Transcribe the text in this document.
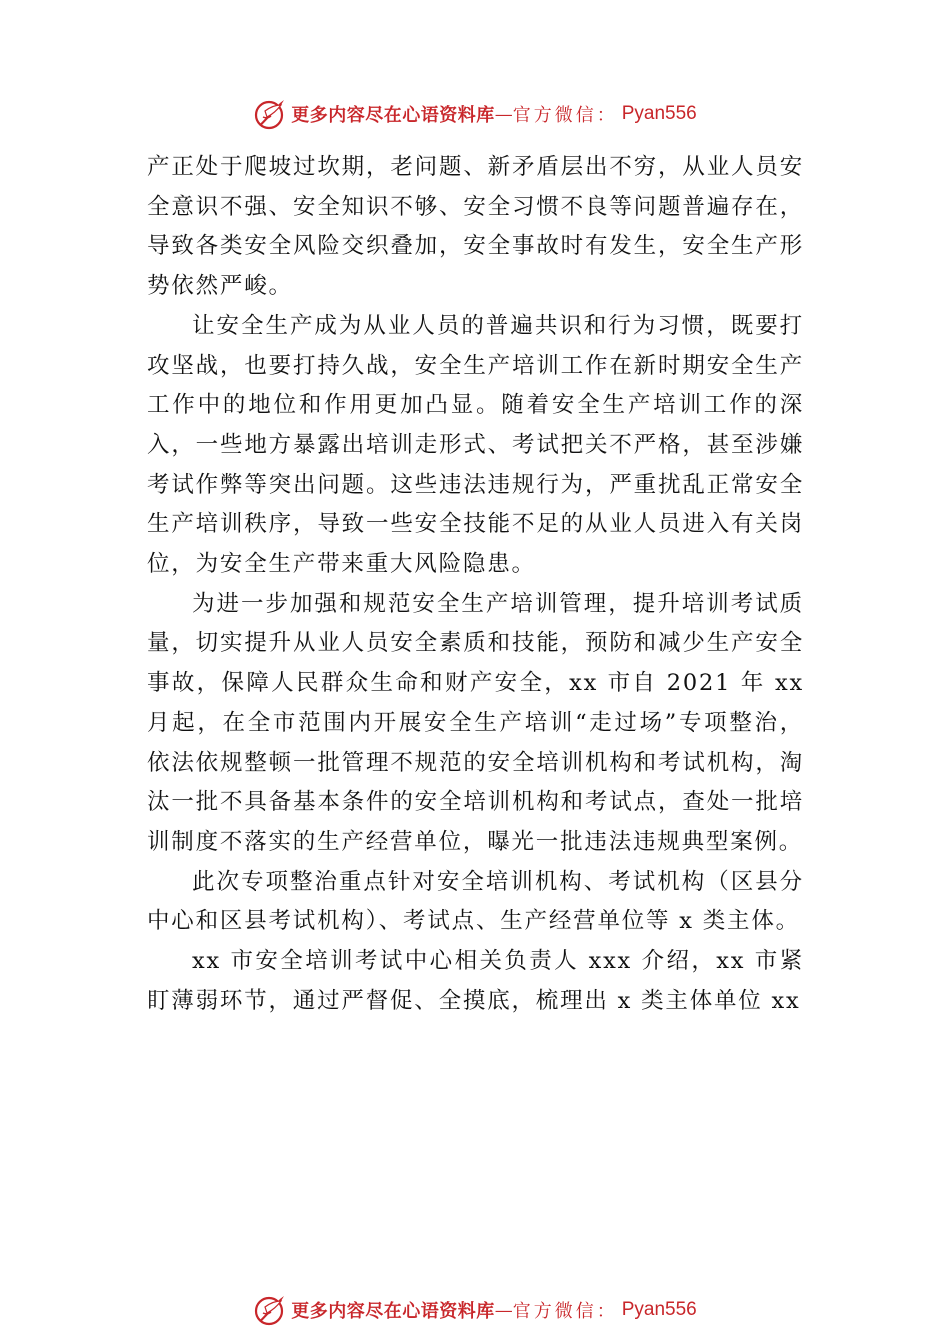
更多内容尽在心语资料库 — 官方微信： Pyan556

产正处于爬坡过坎期，老问题、新矛盾层出不穷，从业人员安全意识不强、安全知识不够、安全习惯不良等问题普遍存在，导致各类安全风险交织叠加，安全事故时有发生，安全生产形势依然严峻。

让安全生产成为从业人员的普遍共识和行为习惯，既要打攻坚战，也要打持久战，安全生产培训工作在新时期安全生产工作中的地位和作用更加凸显。随着安全生产培训工作的深入，一些地方暴露出培训走形式、考试把关不严格，甚至涉嫌考试作弊等突出问题。这些违法违规行为，严重扰乱正常安全生产培训秩序，导致一些安全技能不足的从业人员进入有关岗位，为安全生产带来重大风险隐患。

为进一步加强和规范安全生产培训管理，提升培训考试质量，切实提升从业人员安全素质和技能，预防和减少生产安全事故，保障人民群众生命和财产安全，xx 市自 2021 年 xx 月起，在全市范围内开展安全生产培训“走过场”专项整治，依法依规整顿一批管理不规范的安全培训机构和考试机构，淘汰一批不具备基本条件的安全培训机构和考试点，查处一批培训制度不落实的生产经营单位，曝光一批违法违规典型案例。

此次专项整治重点针对安全培训机构、考试机构（区县分中心和区县考试机构）、考试点、生产经营单位等 x 类主体。

xx 市安全培训考试中心相关负责人 xxx 介绍，xx 市紧盯薄弱环节，通过严督促、全摸底，梳理出 x 类主体单位 xx

更多内容尽在心语资料库 — 官方微信： Pyan556
